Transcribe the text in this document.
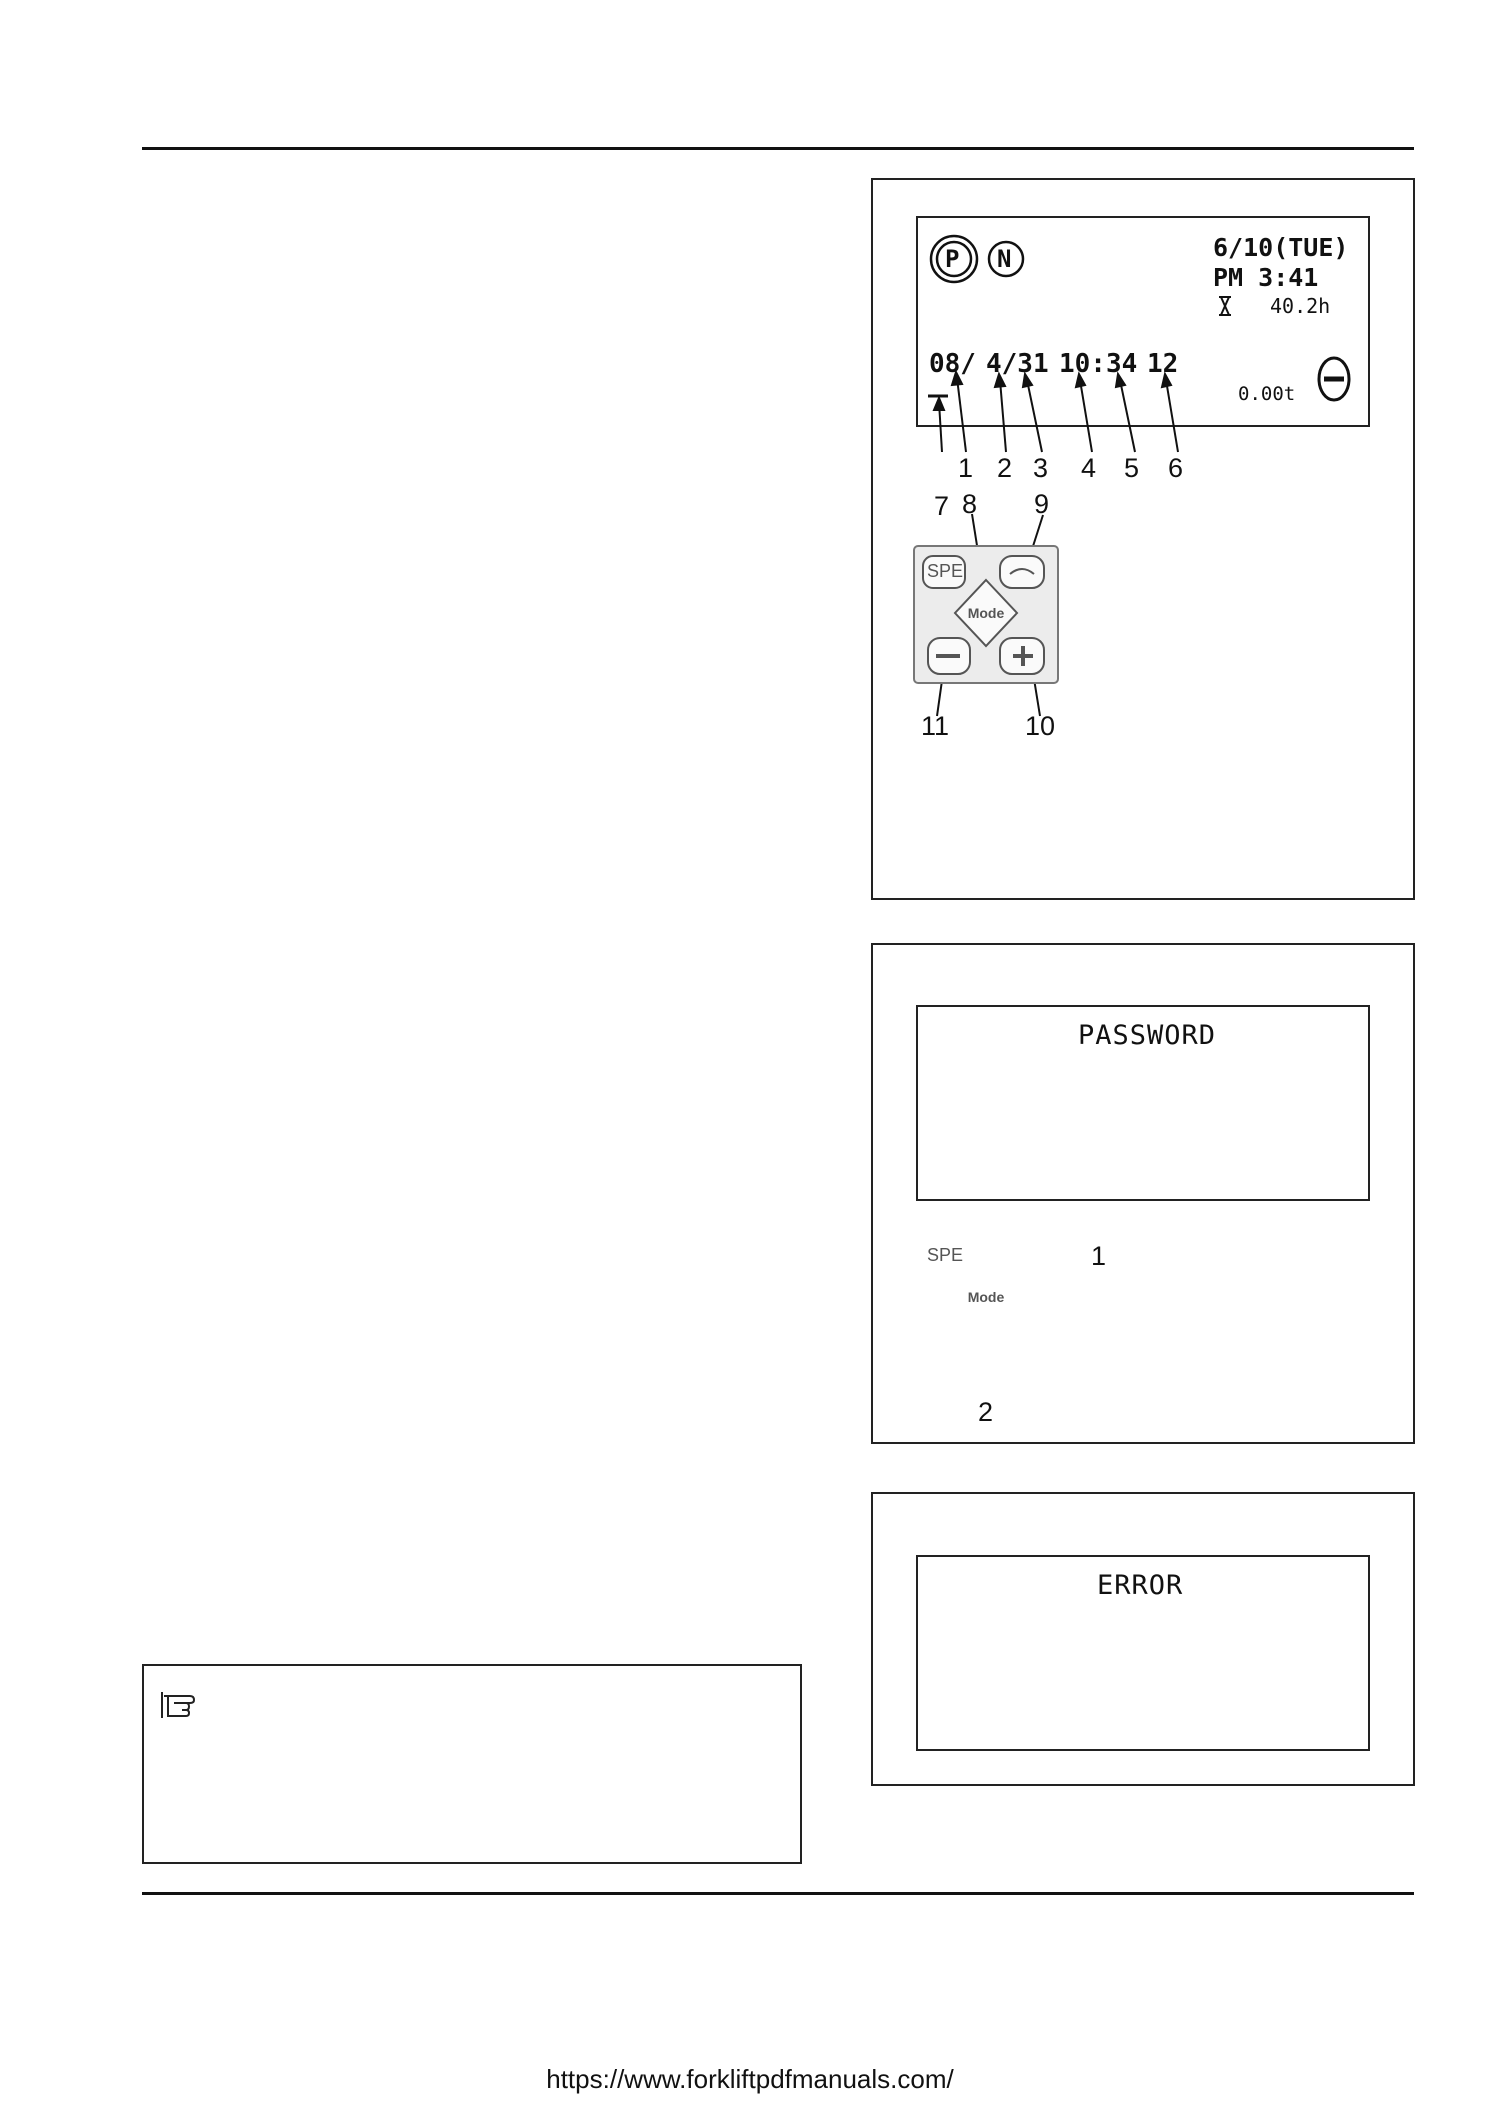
P N	6/10(TUE)
PM 3:41
40.2h
08/ 4/31 10:34 12
0.00t
1 2 3 4 5 6
7 8 9
11	10
SPE
Mode
PASSWORD
1
2
SPE
Mode
ERROR
https://www.forkliftpdfmanuals.com/
